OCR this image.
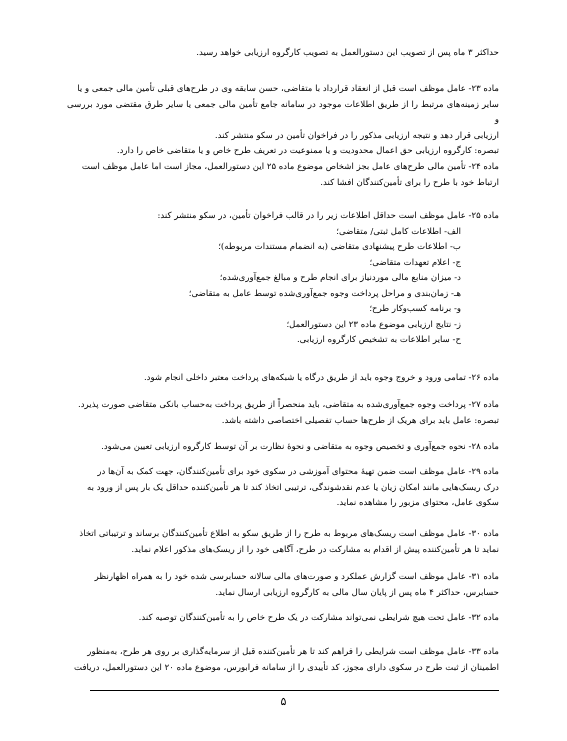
حداکثر ۳ ماه پس از تصویب این دستورالعمل به تصویب کارگروه ارزیابی خواهد رسید.

ماده ۲۳- عامل موظف است قبل از انعقاد قرارداد با متقاضی، حسن سابقه وی در طرح‌های قبلی تأمین مالی جمعی و یا

سایر زمینه‌های مرتبط را از طریق اطلاعات موجود در سامانه جامع تأمین مالی جمعی یا سایر طرق مقتضی مورد بررسی و

ارزیابی قرار دهد و نتیجه ارزیابی مذکور را در فراخوان تأمین در سکو منتشر کند.

تبصره: کارگروه ارزیابی حق اعمال محدودیت و یا ممنوعیت در تعریف طرح خاص و یا متقاضی خاص را دارد.

ماده ۲۴- تأمین مالی طرح‌های عامل بجز اشخاص موضوع ماده ۲۵ این دستورالعمل، مجاز است اما عامل موظف است

ارتباط خود با طرح را برای تأمین‌کنندگان افشا کند.

ماده ۲۵- عامل موظف است حداقل اطلاعات زیر را در قالب فراخوان تأمین، در سکو منتشر کند:
الف- اطلاعات کامل ثبتی/ متقاضی؛
ب- اطلاعات طرح پیشنهادی متقاضی (به انضمام مستندات مربوطه)؛
ج- اعلام تعهدات متقاضی؛
د- میزان منابع مالی موردنیاز برای انجام طرح و مبالغ جمع‌آوری‌شده؛
هـ- زمان‌بندی و مراحل پرداخت وجوه جمع‌آوری‌شده توسط عامل به متقاضی؛
و- برنامه کسب‌وکار طرح؛
ز- نتایج ارزیابی موضوع ماده ۲۳ این دستورالعمل؛
ح- سایر اطلاعات به تشخیص کارگروه ارزیابی.

ماده ۲۶- تمامی ورود و خروج وجوه باید از طریق درگاه یا شبکه‌های پرداخت معتبر داخلی انجام شود.

ماده ۲۷- پرداخت وجوه جمع‌آوری‌شده به متقاضی، باید منحصراً از طریق پرداخت به‌حساب بانکی متقاضی صورت پذیرد.

تبصره: عامل باید برای هریک از طرح‌ها حساب تفصیلی اختصاصی داشته باشد.

ماده ۲۸- نحوه جمع‌آوری و تخصیص وجوه به متقاضی و نحوهٔ نظارت بر آن توسط کارگروه ارزیابی تعیین می‌شود.

ماده ۲۹- عامل موظف است ضمن تهیهٔ محتوای آموزشی در سکوی خود برای تأمین‌کنندگان، جهت کمک به آن‌ها در

درک ریسک‌هایی مانند امکان زیان یا عدم نقدشوندگی، ترتیبی اتخاذ کند تا هر تأمین‌کننده حداقل یک بار پس از ورود به

سکوی عامل، محتوای مزبور را مشاهده نماید.

ماده ۳۰- عامل موظف است ریسک‌های مربوط به طرح را از طریق سکو به اطلاع تأمین‌کنندگان برساند و ترتیباتی اتخاذ

نماید تا هر تأمین‌کننده پیش از اقدام به مشارکت در طرح، آگاهی خود را از ریسک‌های مذکور اعلام نماید.

ماده ۳۱- عامل موظف است گزارش عملکرد و صورت‌های مالی سالانه حسابرسی شده خود را به همراه اظهارنظر

حسابرس، حداکثر ۴ ماه پس از پایان سال مالی به کارگروه ارزیابی ارسال نماید.

ماده ۳۲- عامل تحت هیچ شرایطی نمی‌تواند مشارکت در یک طرح خاص را به تأمین‌کنندگان توصیه کند.

ماده ۳۳- عامل موظف است شرایطی را فراهم کند تا هر تأمین‌کننده قبل از سرمایه‌گذاری بر روی هر طرح، به‌منظور

اطمینان از ثبت طرح در سکوی دارای مجوز، کد تأییدی را از سامانه فرابورس، موضوع ماده ۲۰ این دستورالعمل، دریافت

۵
